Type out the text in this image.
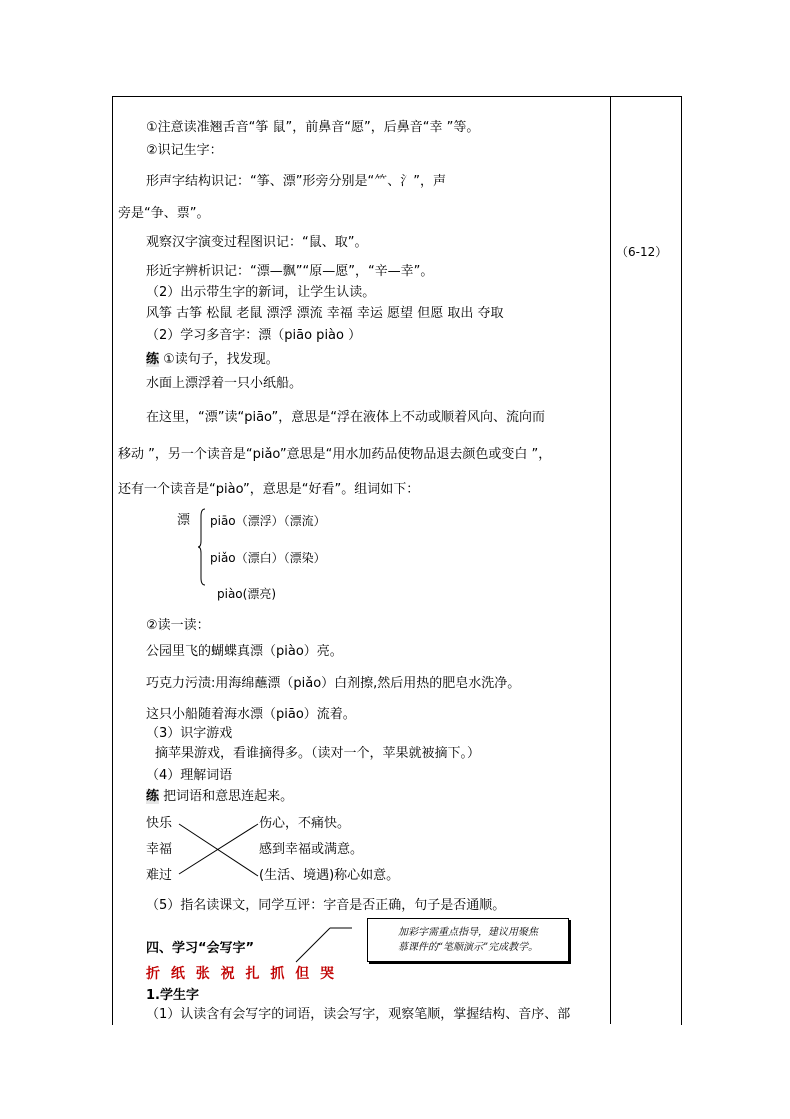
（6-12）
①注意读准翘舌音“筝 鼠”，前鼻音“愿”，后鼻音“幸 ”等。
②识记生字：
形声字结构识记：“筝、漂”形旁分别是“⺮、氵”，声
旁是“争、票”。
观察汉字演变过程图识记：“鼠、取”。
形近字辨析识记：“漂—飘”“原—愿”，“辛—幸”。
（2）出示带生字的新词，让学生认读。
风筝 古筝 松鼠 老鼠 漂浮 漂流 幸福 幸运 愿望 但愿 取出 夺取
（2）学习多音字：漂（piāo piào ）
练 ①读句子，找发现。
水面上漂浮着一只小纸船。
在这里，“漂”读“piāo”，意思是“浮在液体上不动或顺着风向、流向而
移动 ”，另一个读音是“piǎo”意思是“用水加药品使物品退去颜色或变白 ”，
还有一个读音是“piào”，意思是“好看”。组词如下：
漂 piāo（漂浮）（漂流）
piǎo（漂白）（漂染）
piào(漂亮)
②读一读：
公园里飞的蝴蝶真漂（piào）亮。
巧克力污渍:用海绵蘸漂（piǎo）白剂擦,然后用热的肥皂水洗净。
这只小船随着海水漂（piāo）流着。
（3）识字游戏
摘苹果游戏，看谁摘得多。（读对一个，苹果就被摘下。）
（4）理解词语
练 把词语和意思连起来。
快乐
幸福
难过
伤心，不痛快。
感到幸福或满意。
(生活、境遇)称心如意。
（5）指名读课文，同学互评：字音是否正确，句子是否通顺。
四、学习“会写字”
加彩字需重点指导，建议用聚焦
慕课件的“笔顺演示”完成教学。
折 纸 张 祝 扎 抓 但 哭
1.学生字
（1）认读含有会写字的词语，读会写字，观察笔顺，掌握结构、音序、部
